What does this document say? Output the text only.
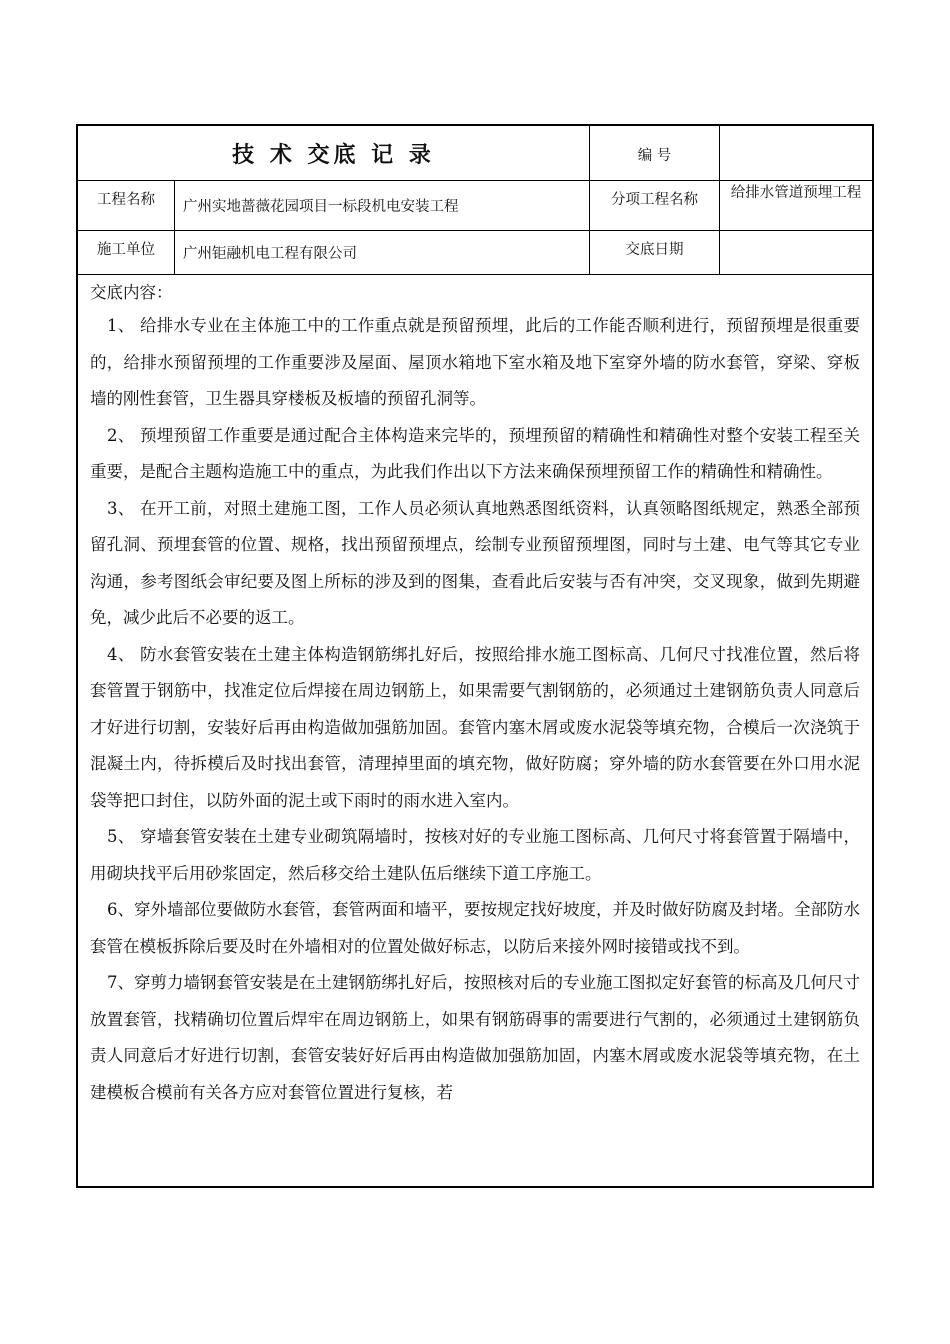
技 术 交底 记 录	编 号
工程名称	广州实地蔷薇花园项目一标段机电安装工程	分项工程名称	给排水管道预埋工程
施工单位	广州钜融机电工程有限公司	交底日期

交底内容：

1、 给排水专业在主体施工中的工作重点就是预留预埋，此后的工作能否顺利进行，预留预埋是很重要的，给排水预留预埋的工作重要涉及屋面、屋顶水箱地下室水箱及地下室穿外墙的防水套管，穿梁、穿板墙的刚性套管，卫生器具穿楼板及板墙的预留孔洞等。

2、 预埋预留工作重要是通过配合主体构造来完毕的，预埋预留的精确性和精确性对整个安装工程至关重要，是配合主题构造施工中的重点，为此我们作出以下方法来确保预埋预留工作的精确性和精确性。

3、 在开工前，对照土建施工图，工作人员必须认真地熟悉图纸资料，认真领略图纸规定，熟悉全部预留孔洞、预埋套管的位置、规格，找出预留预埋点，绘制专业预留预埋图，同时与土建、电气等其它专业沟通，参考图纸会审纪要及图上所标的涉及到的图集，查看此后安装与否有冲突，交叉现象，做到先期避免，减少此后不必要的返工。

4、 防水套管安装在土建主体构造钢筋绑扎好后，按照给排水施工图标高、几何尺寸找准位置，然后将套管置于钢筋中，找准定位后焊接在周边钢筋上，如果需要气割钢筋的，必须通过土建钢筋负责人同意后才好进行切割，安装好后再由构造做加强筋加固。套管内塞木屑或废水泥袋等填充物，合模后一次浇筑于混凝土内，待拆模后及时找出套管，清理掉里面的填充物，做好防腐；穿外墙的防水套管要在外口用水泥袋等把口封住，以防外面的泥土或下雨时的雨水进入室内。

5、 穿墙套管安装在土建专业砌筑隔墙时，按核对好的专业施工图标高、几何尺寸将套管置于隔墙中，用砌块找平后用砂浆固定，然后移交给土建队伍后继续下道工序施工。

6、穿外墙部位要做防水套管，套管两面和墙平，要按规定找好坡度，并及时做好防腐及封堵。全部防水套管在模板拆除后要及时在外墙相对的位置处做好标志，以防后来接外网时接错或找不到。

7、穿剪力墙钢套管安装是在土建钢筋绑扎好后，按照核对后的专业施工图拟定好套管的标高及几何尺寸放置套管，找精确切位置后焊牢在周边钢筋上，如果有钢筋碍事的需要进行气割的，必须通过土建钢筋负责人同意后才好进行切割，套管安装好好后再由构造做加强筋加固，内塞木屑或废水泥袋等填充物，在土建模板合模前有关各方应对套管位置进行复核，若
